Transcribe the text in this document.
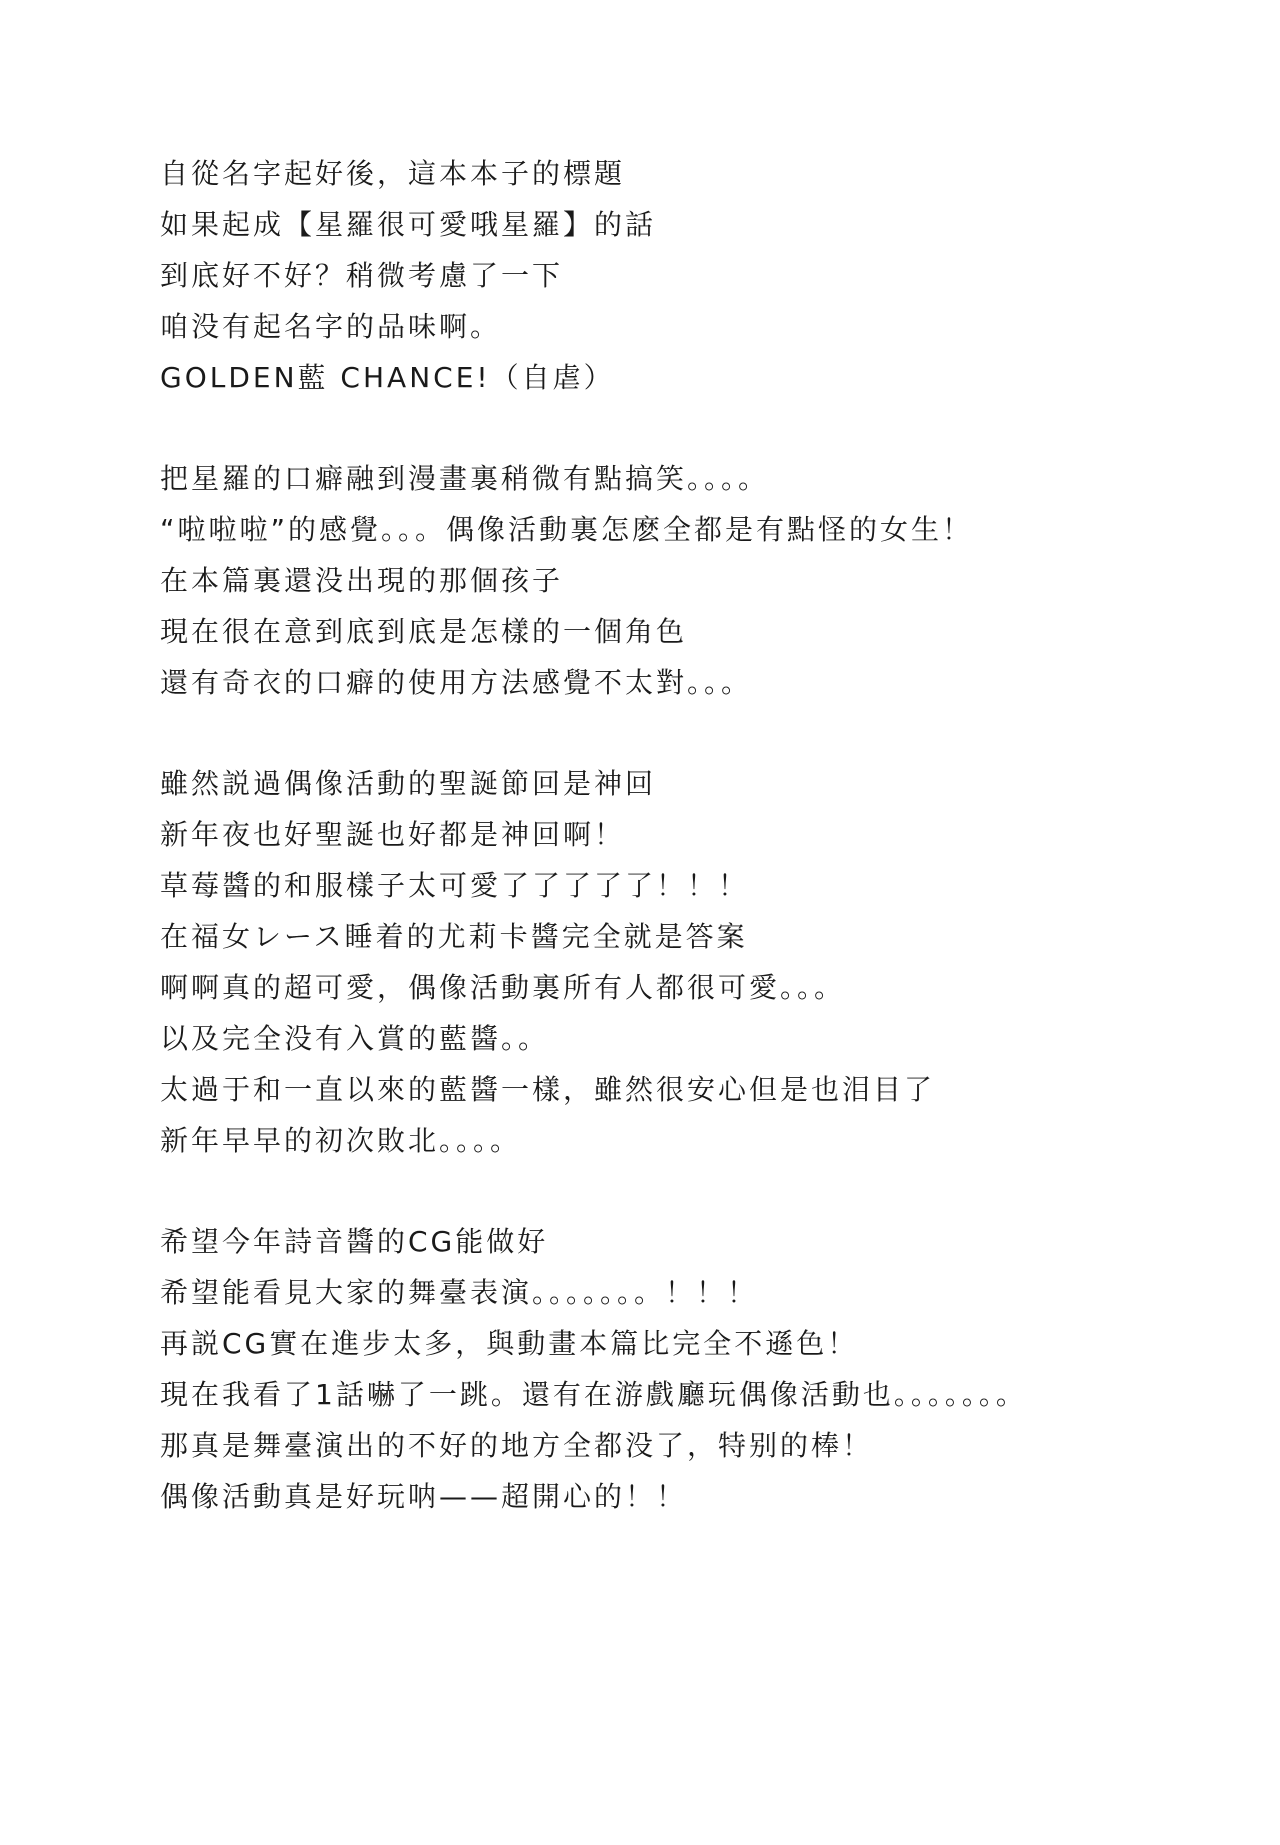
自從名字起好後，這本本子的標題
如果起成【星羅很可愛哦星羅】的話
到底好不好？稍微考慮了一下
咱没有起名字的品味啊。
GOLDEN藍 CHANCE!（自虐）
把星羅的口癖融到漫畫裏稍微有點搞笑。。。。
“啦啦啦”的感覺。。。偶像活動裏怎麽全都是有點怪的女生！
在本篇裏還没出現的那個孩子
現在很在意到底到底是怎樣的一個角色
還有奇衣的口癖的使用方法感覺不太對。。。
雖然説過偶像活動的聖誕節回是神回
新年夜也好聖誕也好都是神回啊！
草莓醬的和服樣子太可愛了了了了了！！！
在福女レース睡着的尤莉卡醬完全就是答案
啊啊真的超可愛，偶像活動裏所有人都很可愛。。。
以及完全没有入賞的藍醬。。
太過于和一直以來的藍醬一樣，雖然很安心但是也泪目了
新年早早的初次敗北。。。。
希望今年詩音醬的CG能做好
希望能看見大家的舞臺表演。。。。。。。！！！
再説CG實在進步太多，與動畫本篇比完全不遜色！
現在我看了1話嚇了一跳。還有在游戲廳玩偶像活動也。。。。。。。
那真是舞臺演出的不好的地方全都没了，特别的棒！
偶像活動真是好玩呐——超開心的！！
